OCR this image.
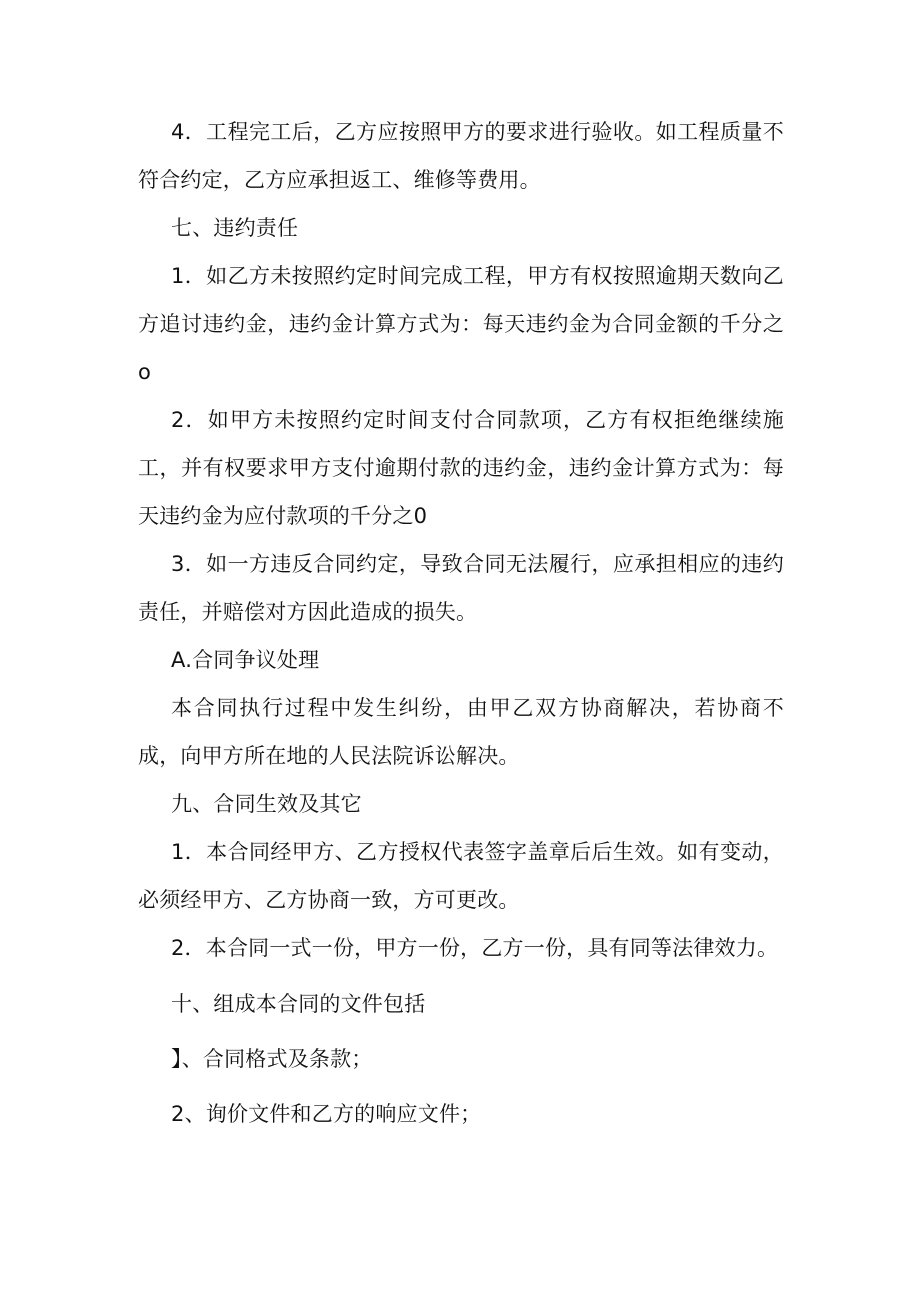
4．工程完工后，乙方应按照甲方的要求进行验收。如工程质量不符合约定，乙方应承担返工、维修等费用。

七、违约责任

1．如乙方未按照约定时间完成工程，甲方有权按照逾期天数向乙方追讨违约金，违约金计算方式为：每天违约金为合同金额的千分之o

2．如甲方未按照约定时间支付合同款项，乙方有权拒绝继续施工，并有权要求甲方支付逾期付款的违约金，违约金计算方式为：每天违约金为应付款项的千分之0

3．如一方违反合同约定，导致合同无法履行，应承担相应的违约责任，并赔偿对方因此造成的损失。

A.合同争议处理

本合同执行过程中发生纠纷，由甲乙双方协商解决，若协商不成，向甲方所在地的人民法院诉讼解决。

九、合同生效及其它

1．本合同经甲方、乙方授权代表签字盖章后后生效。如有变动，必须经甲方、乙方协商一致，方可更改。

2．本合同一式一份，甲方一份，乙方一份，具有同等法律效力。

十、组成本合同的文件包括

】、合同格式及条款；

2、询价文件和乙方的响应文件；
